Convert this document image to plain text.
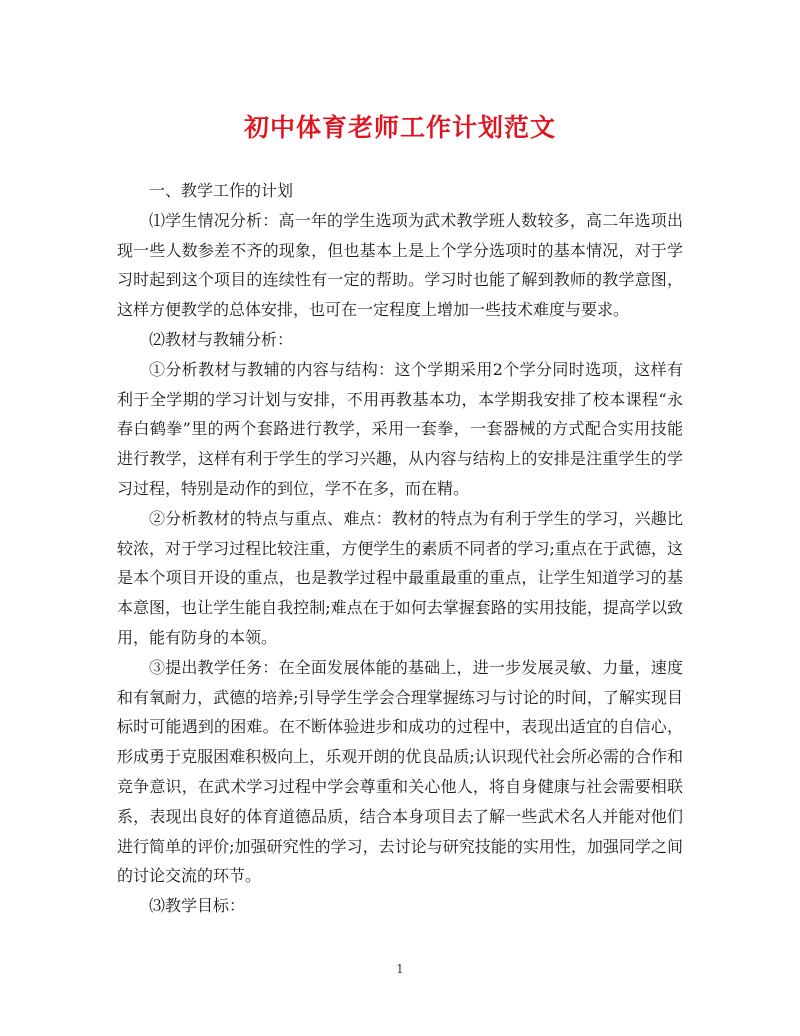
初中体育老师工作计划范文

一、教学工作的计划

⑴学生情况分析：高一年的学生选项为武术教学班人数较多，高二年选项出现一些人数参差不齐的现象，但也基本上是上个学分选项时的基本情况，对于学习时起到这个项目的连续性有一定的帮助。学习时也能了解到教师的教学意图，这样方便教学的总体安排，也可在一定程度上增加一些技术难度与要求。

⑵教材与教辅分析：

①分析教材与教辅的内容与结构：这个学期采用2个学分同时选项，这样有利于全学期的学习计划与安排，不用再教基本功，本学期我安排了校本课程“永春白鹤拳”里的两个套路进行教学，采用一套拳，一套器械的方式配合实用技能进行教学，这样有利于学生的学习兴趣，从内容与结构上的安排是注重学生的学习过程，特别是动作的到位，学不在多，而在精。

②分析教材的特点与重点、难点：教材的特点为有利于学生的学习，兴趣比较浓，对于学习过程比较注重，方便学生的素质不同者的学习;重点在于武德，这是本个项目开设的重点，也是教学过程中最重最重的重点，让学生知道学习的基本意图，也让学生能自我控制;难点在于如何去掌握套路的实用技能，提高学以致用，能有防身的本领。

③提出教学任务：在全面发展体能的基础上，进一步发展灵敏、力量，速度和有氧耐力，武德的培养;引导学生学会合理掌握练习与讨论的时间，了解实现目标时可能遇到的困难。在不断体验进步和成功的过程中，表现出适宜的自信心，形成勇于克服困难积极向上，乐观开朗的优良品质;认识现代社会所必需的合作和竞争意识，在武术学习过程中学会尊重和关心他人，将自身健康与社会需要相联系，表现出良好的体育道德品质，结合本身项目去了解一些武术名人并能对他们进行简单的评价;加强研究性的学习，去讨论与研究技能的实用性，加强同学之间的讨论交流的环节。

⑶教学目标：

1
